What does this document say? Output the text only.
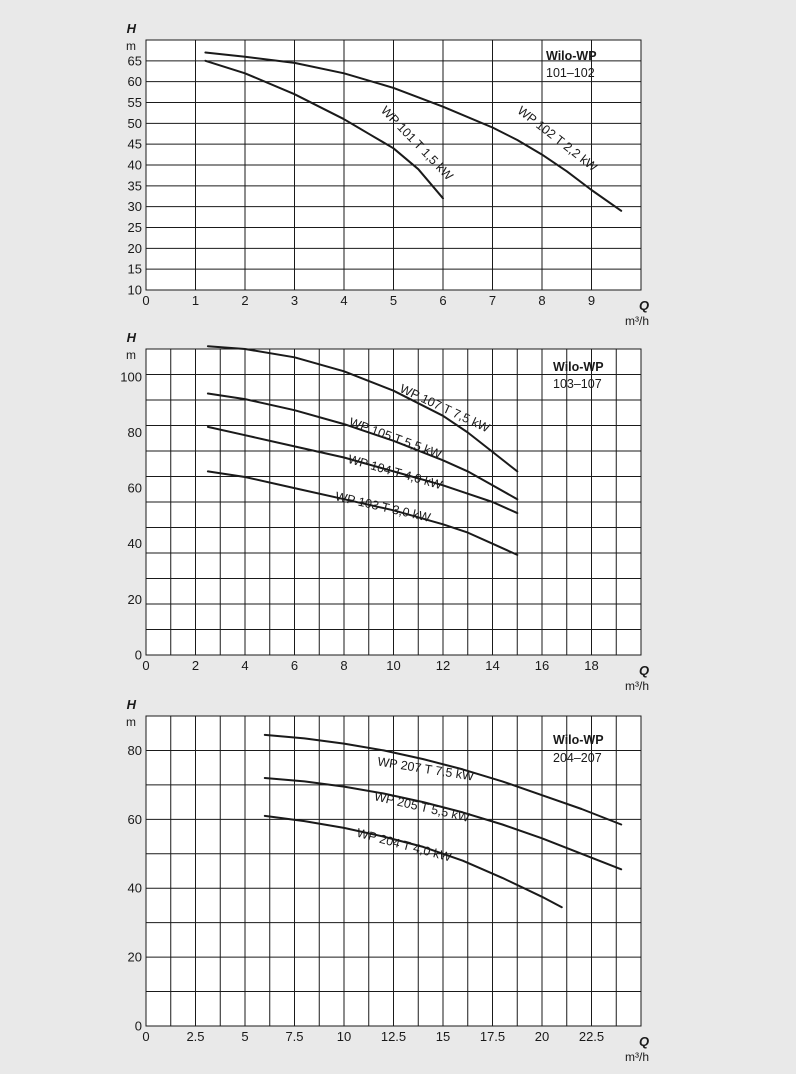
0	1	2	3	4	5	6	7	8	9
10
15
20
25
30
35
40
45
50
55
60
65
H
m
Q
m³/h
Wilo-WP
101–102
WP 101 T 1,5 kW	WP 102 T 2,2 kW
0	2	4	6	8	10	12	14	16	18
0
20
40
60
80
100
H
m
Q
m³/h
Wilo-WP
103–107
WP 107 T 7,5 kW
WP 105 T 5,5 kW
WP 104 T 4,0 kW
WP 103 T 3,0 kW
0	2.5	5	7.5	10 12.5 15 17.5 20 22.5
0
20
40
60
80
H
m
Q
m³/h
Wilo-WP
204–207
WP 207 T 7,5 kW
WP 205 T 5,5 kW
WP 204 T 4,0 kW
